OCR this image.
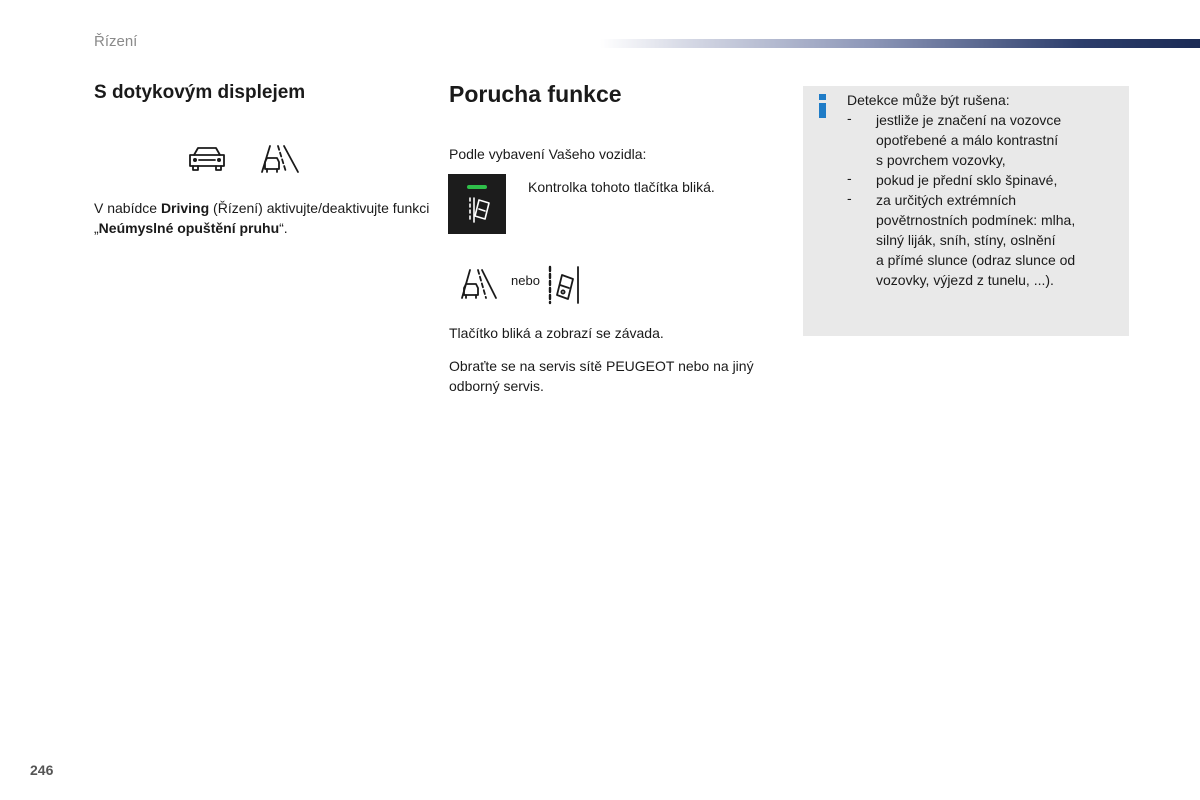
Řízení
S dotykovým displejem
V nabídce Driving (Řízení) aktivujte/deaktivujte funkci „Neúmyslné opuštění pruhu“.
Porucha funkce
Podle vybavení Vašeho vozidla:
Kontrolka tohoto tlačítka bliká.
nebo
Tlačítko bliká a zobrazí se závada.
Obraťte se na servis sítě PEUGEOT nebo na jiný odborný servis.
Detekce může být rušena:
- jestliže je značení na vozovce
opotřebené a málo kontrastní
s povrchem vozovky,
- pokud je přední sklo špinavé,
- za určitých extrémních
povětrnostních podmínek: mlha,
silný liják, sníh, stíny, oslnění
a přímé slunce (odraz slunce od
vozovky, výjezd z tunelu, ...).
246
